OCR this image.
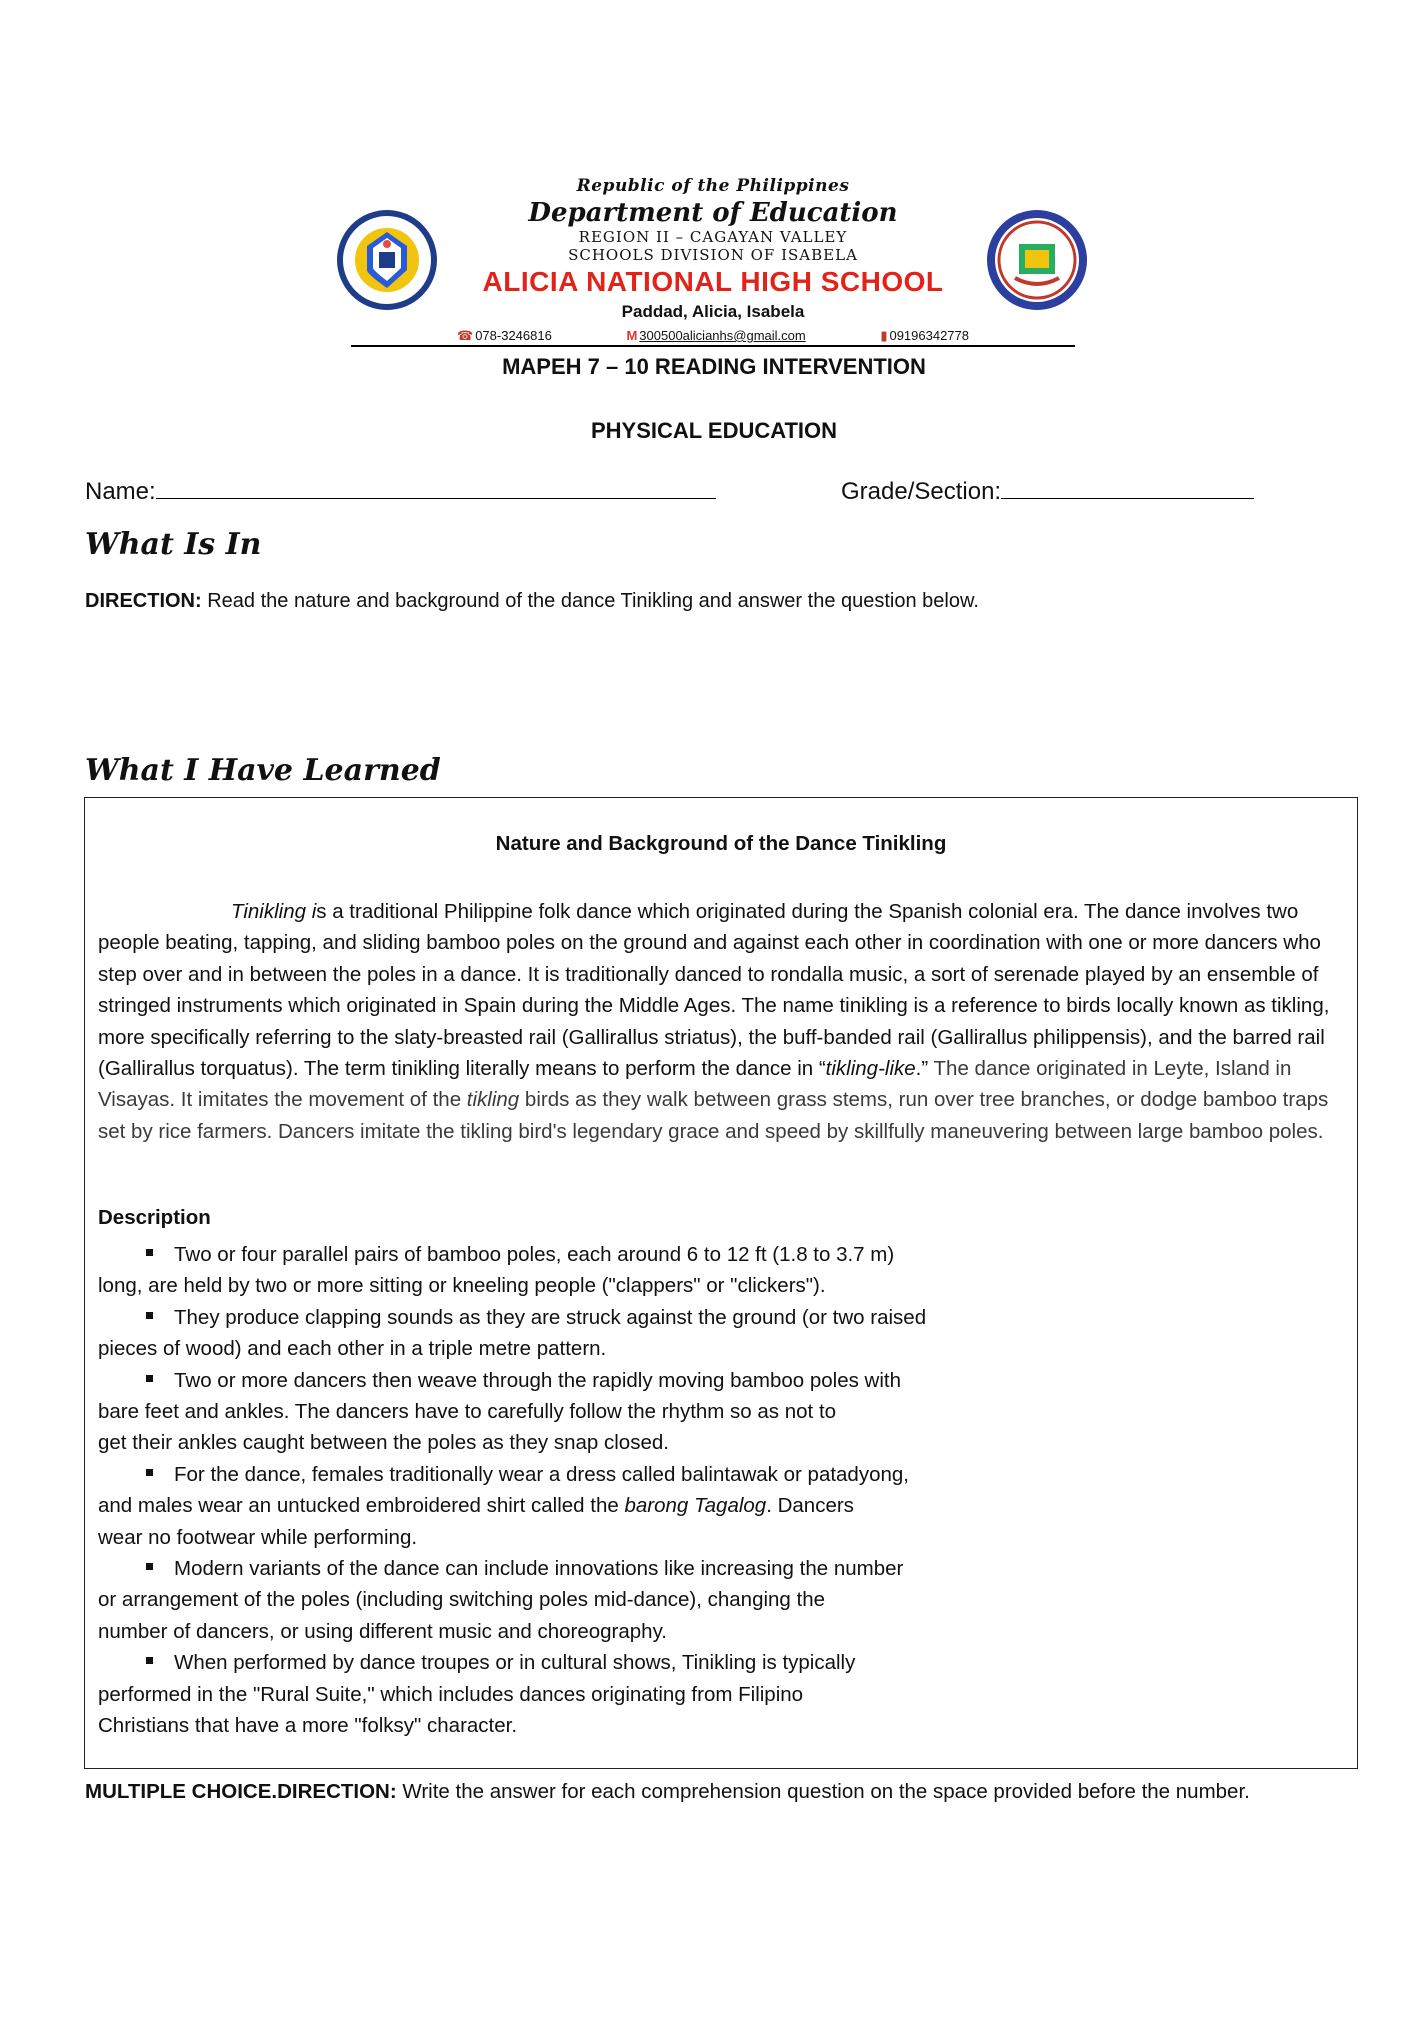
Republic of the Philippines
Department of Education
REGION II – CAGAYAN VALLEY
SCHOOLS DIVISION OF ISABELA
ALICIA NATIONAL HIGH SCHOOL
Paddad, Alicia, Isabela
☎ 078-3246816	M 300500alicianhs@gmail.com	▮ 09196342778
MAPEH 7 – 10 READING INTERVENTION
PHYSICAL EDUCATION
Name:	Grade/Section:
What Is In
DIRECTION: Read the nature and background of the dance Tinikling and answer the question below.
What I Have Learned
Nature and Background of the Dance Tinikling
Tinikling is a traditional Philippine folk dance which originated during the Spanish colonial era. The dance involves two people beating, tapping, and sliding bamboo poles on the ground and against each other in coordination with one or more dancers who step over and in between the poles in a dance. It is traditionally danced to rondalla music, a sort of serenade played by an ensemble of stringed instruments which originated in Spain during the Middle Ages. The name tinikling is a reference to birds locally known as tikling, more specifically referring to the slaty-breasted rail (Gallirallus striatus), the buff-banded rail (Gallirallus philippensis), and the barred rail (Gallirallus torquatus). The term tinikling literally means to perform the dance in “tikling-like.” The dance originated in Leyte, Island in Visayas. It imitates the movement of the tikling birds as they walk between grass stems, run over tree branches, or dodge bamboo traps set by rice farmers. Dancers imitate the tikling bird's legendary grace and speed by skillfully maneuvering between large bamboo poles.
Description
Two or four parallel pairs of bamboo poles, each around 6 to 12 ft (1.8 to 3.7 m)
long, are held by two or more sitting or kneeling people ("clappers" or "clickers").
They produce clapping sounds as they are struck against the ground (or two raised
pieces of wood) and each other in a triple metre pattern.
Two or more dancers then weave through the rapidly moving bamboo poles with
bare feet and ankles. The dancers have to carefully follow the rhythm so as not to
get their ankles caught between the poles as they snap closed.
For the dance, females traditionally wear a dress called balintawak or patadyong,
and males wear an untucked embroidered shirt called the barong Tagalog. Dancers
wear no footwear while performing.
Modern variants of the dance can include innovations like increasing the number
or arrangement of the poles (including switching poles mid-dance), changing the
number of dancers, or using different music and choreography.
When performed by dance troupes or in cultural shows, Tinikling is typically
performed in the "Rural Suite," which includes dances originating from Filipino
Christians that have a more "folksy" character.
MULTIPLE CHOICE.DIRECTION: Write the answer for each comprehension question on the space provided before the number.
